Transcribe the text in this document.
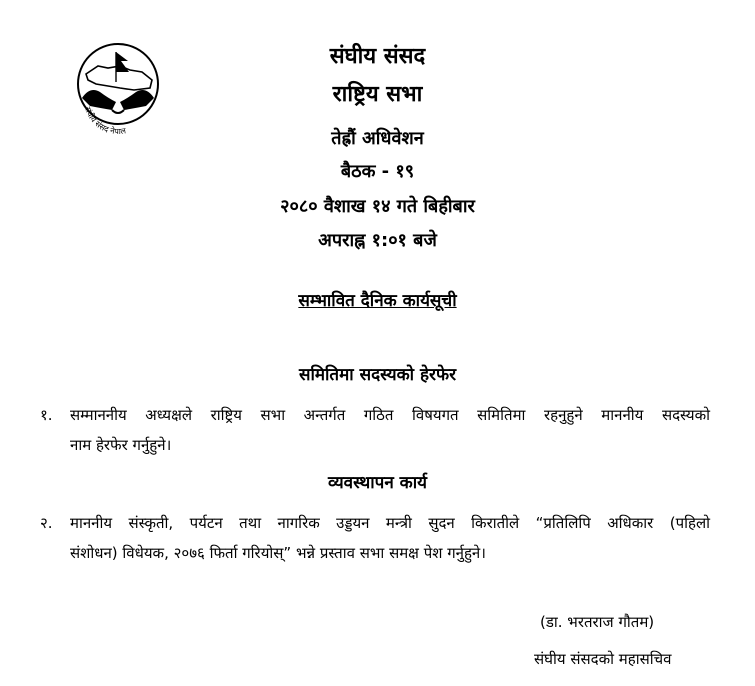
संघीय संसद नेपाल
संघीय संसद
राष्ट्रिय सभा
तेह्रौं अधिवेशन
बैठक - १९
२०८० वैशाख १४ गते बिहीबार
अपराह्न १:०१ बजे
सम्भावित दैनिक कार्यसूची
समितिमा सदस्यको हेरफेर
१.	सम्माननीय अध्यक्षले राष्ट्रिय सभा अन्तर्गत गठित विषयगत समितिमा रहनुहुने माननीय सदस्यको
नाम हेरफेर गर्नुहुने।
व्यवस्थापन कार्य
२.	माननीय संस्कृती, पर्यटन तथा नागरिक उड्डयन मन्त्री सुदन किरातीले “प्रतिलिपि अधिकार (पहिलो
संशोधन) विधेयक, २०७६ फिर्ता गरियोस्” भन्ने प्रस्ताव सभा समक्ष पेश गर्नुहुने।
(डा. भरतराज गौतम)
संघीय संसदको महासचिव
